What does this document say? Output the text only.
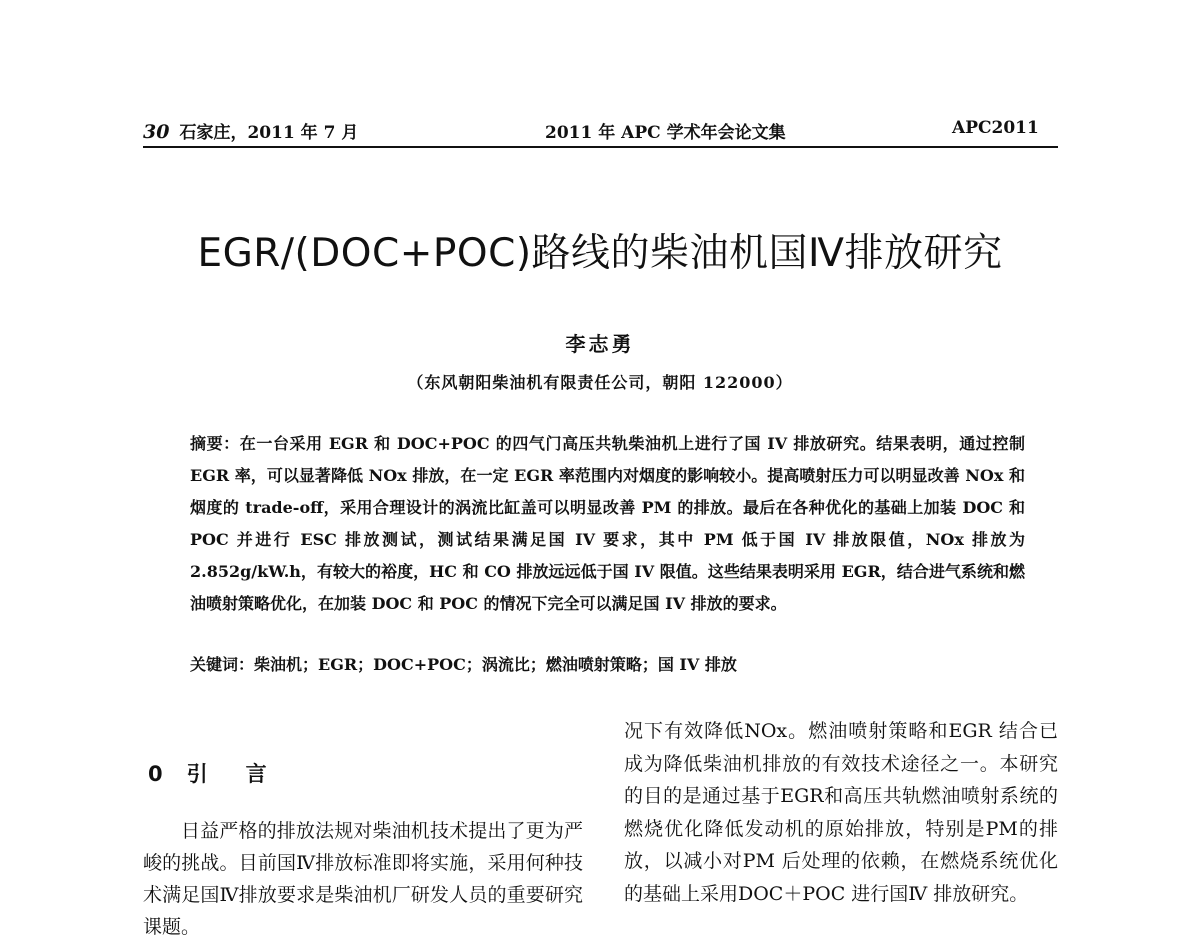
30 石家庄，2011 年 7 月	2011 年 APC 学术年会论文集	APC2011
EGR/(DOC+POC)路线的柴油机国Ⅳ排放研究
李志勇
（东风朝阳柴油机有限责任公司，朝阳 122000）
摘要：在一台采用 EGR 和 DOC+POC 的四气门高压共轨柴油机上进行了国 IV 排放研究。结果表明，通过控制 EGR 率，可以显著降低 NOx 排放，在一定 EGR 率范围内对烟度的影响较小。提高喷射压力可以明显改善 NOx 和烟度的 trade-off，采用合理设计的涡流比缸盖可以明显改善 PM 的排放。最后在各种优化的基础上加装 DOC 和 POC 并进行 ESC 排放测试，测试结果满足国 IV 要求，其中 PM 低于国 IV 排放限值，NOx 排放为 2.852g/kW.h，有较大的裕度，HC 和 CO 排放远远低于国 IV 限值。这些结果表明采用 EGR，结合进气系统和燃油喷射策略优化，在加装 DOC 和 POC 的情况下完全可以满足国 IV 排放的要求。
关键词：柴油机；EGR；DOC+POC；涡流比；燃油喷射策略；国 IV 排放
0 引 言
日益严格的排放法规对柴油机技术提出了更为严峻的挑战。目前国Ⅳ排放标准即将实施，采用何种技术满足国Ⅳ排放要求是柴油机厂研发人员的重要研究课题。
况下有效降低NOx。燃油喷射策略和EGR 结合已成为降低柴油机排放的有效技术途径之一。本研究的目的是通过基于EGR和高压共轨燃油喷射系统的燃烧优化降低发动机的原始排放，特别是PM的排放，以减小对PM 后处理的依赖，在燃烧系统优化的基础上采用DOC＋POC 进行国Ⅳ 排放研究。
